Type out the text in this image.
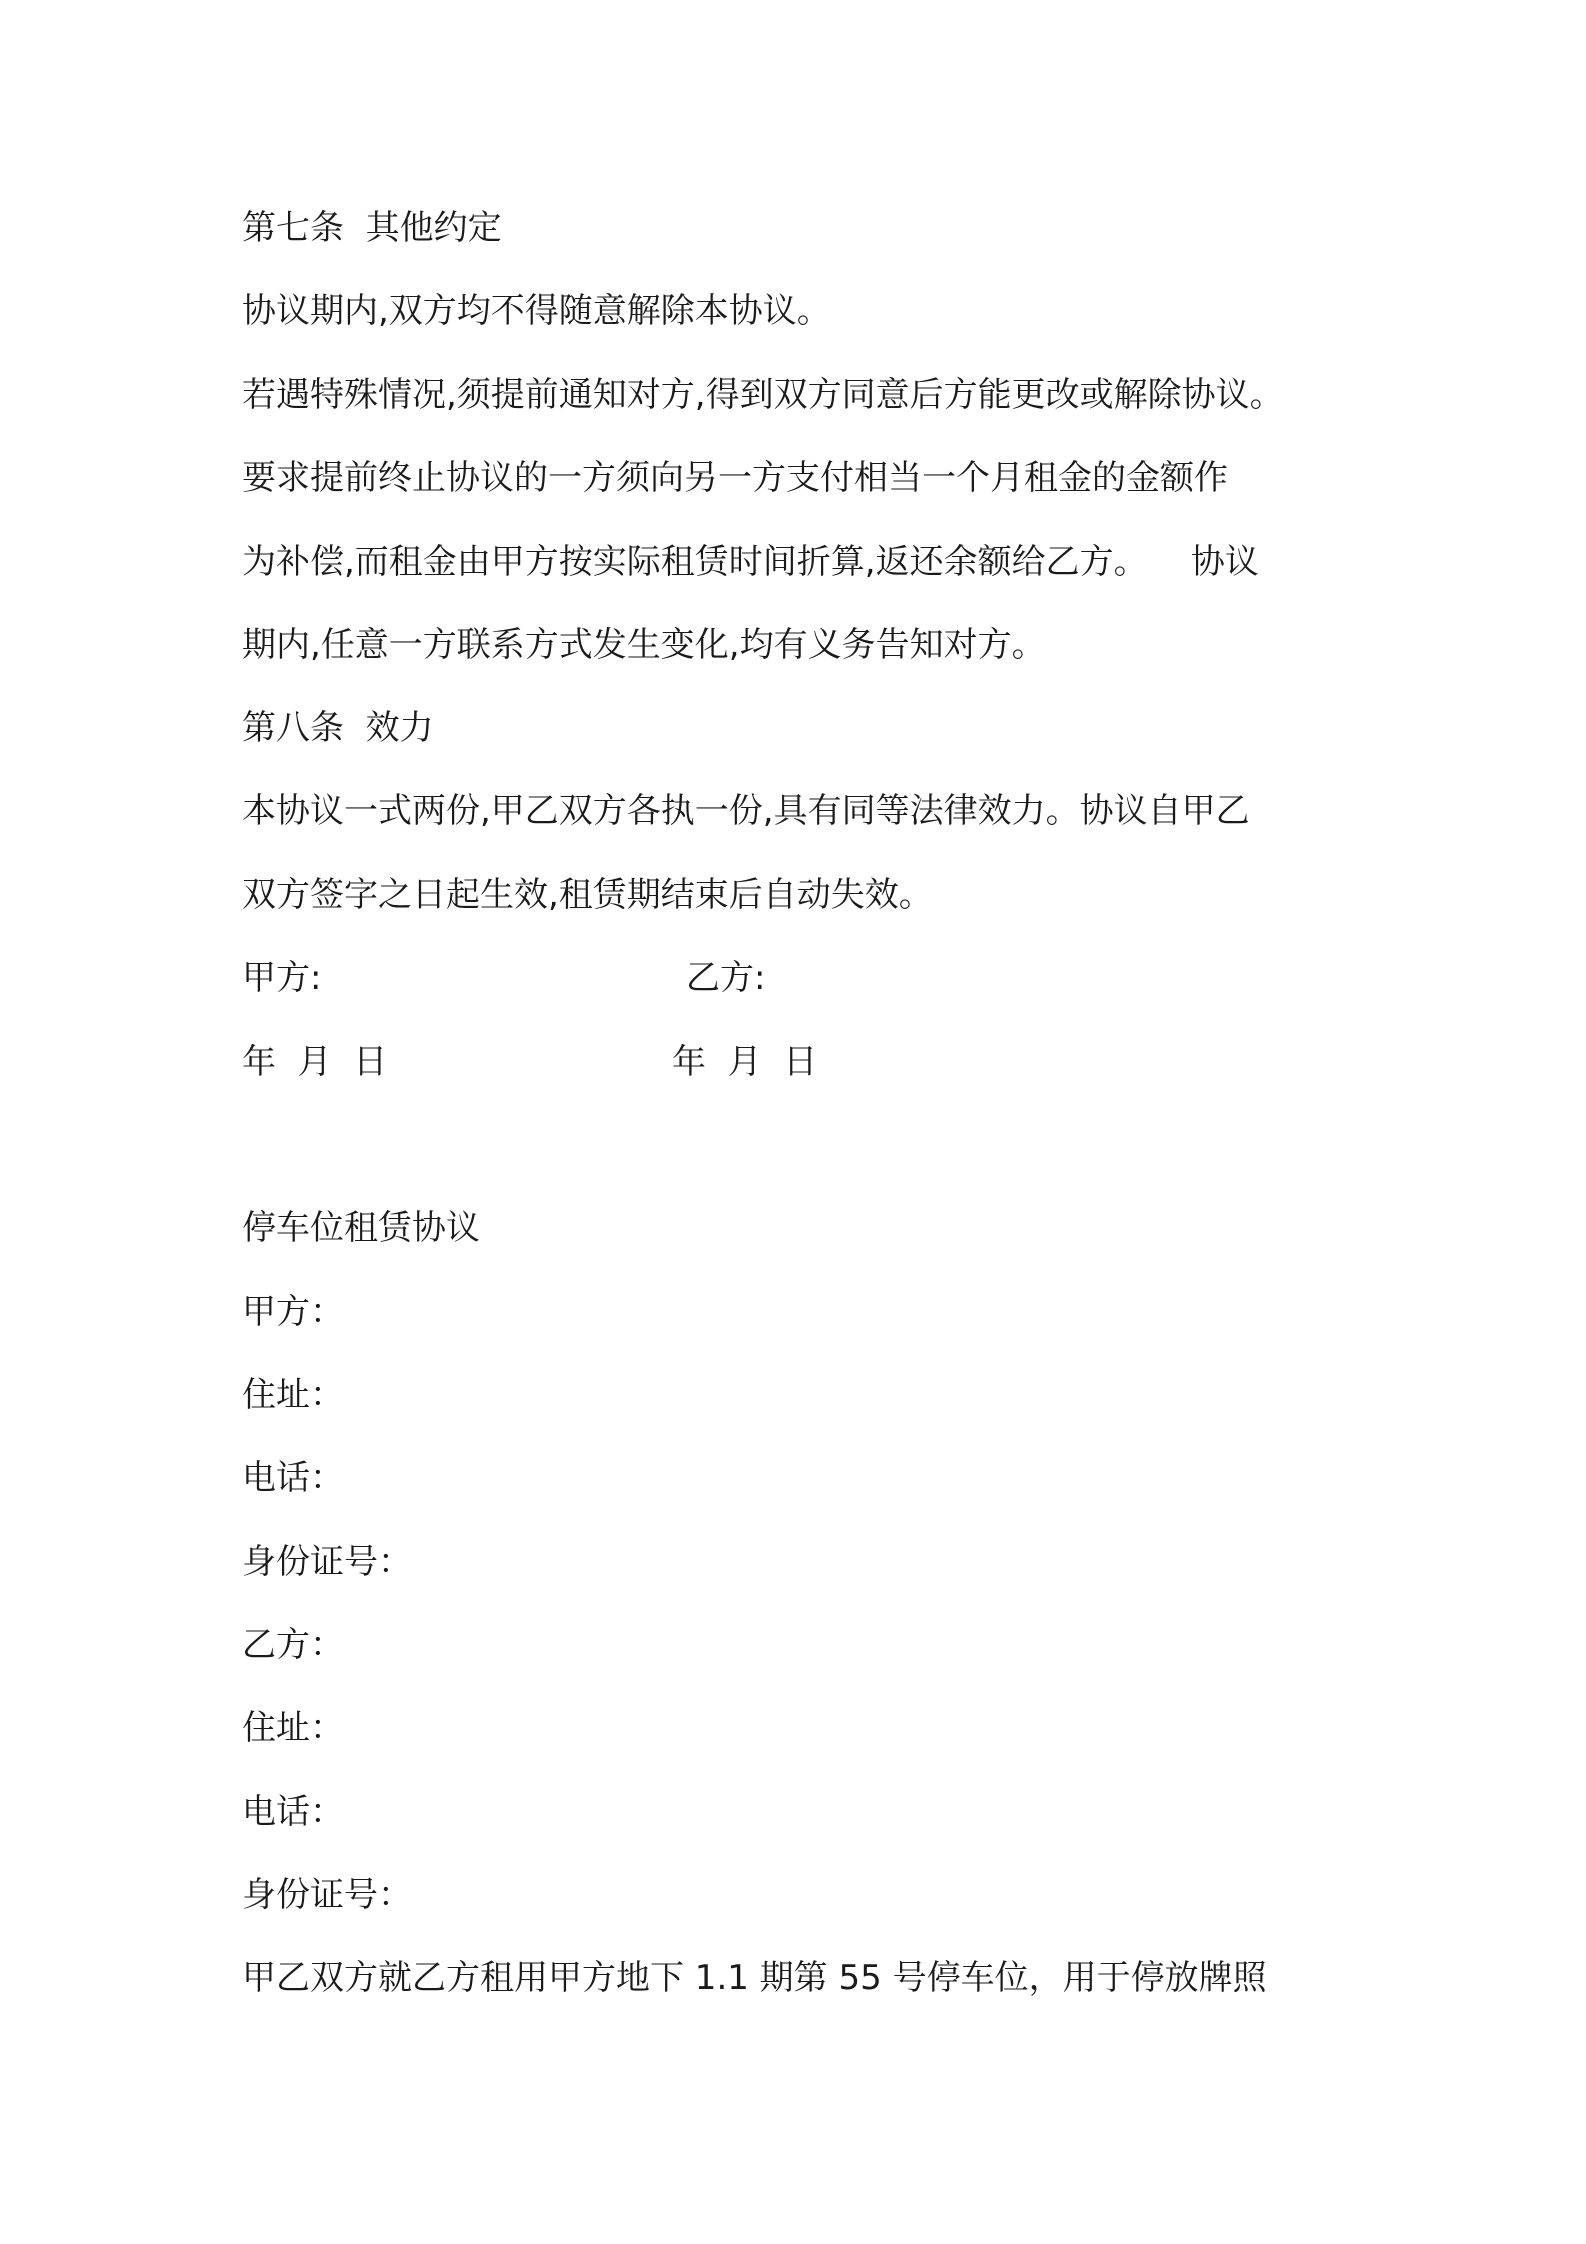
第七条  其他约定
协议期内,双方均不得随意解除本协议。
若遇特殊情况,须提前通知对方,得到双方同意后方能更改或解除协议。
要求提前终止协议的一方须向另一方支付相当一个月租金的金额作
为补偿,而租金由甲方按实际租赁时间折算,返还余额给乙方。    协议
期内,任意一方联系方式发生变化,均有义务告知对方。
第八条  效力
本协议一式两份,甲乙双方各执一份,具有同等法律效力。协议自甲乙
双方签字之日起生效,租赁期结束后自动失效。
甲方:	乙方:
年  月  日	年  月  日
停车位租赁协议
甲方：
住址：
电话：
身份证号：
乙方：
住址：
电话：
身份证号：
甲乙双方就乙方租用甲方地下 1.1 期第 55 号停车位，用于停放牌照
